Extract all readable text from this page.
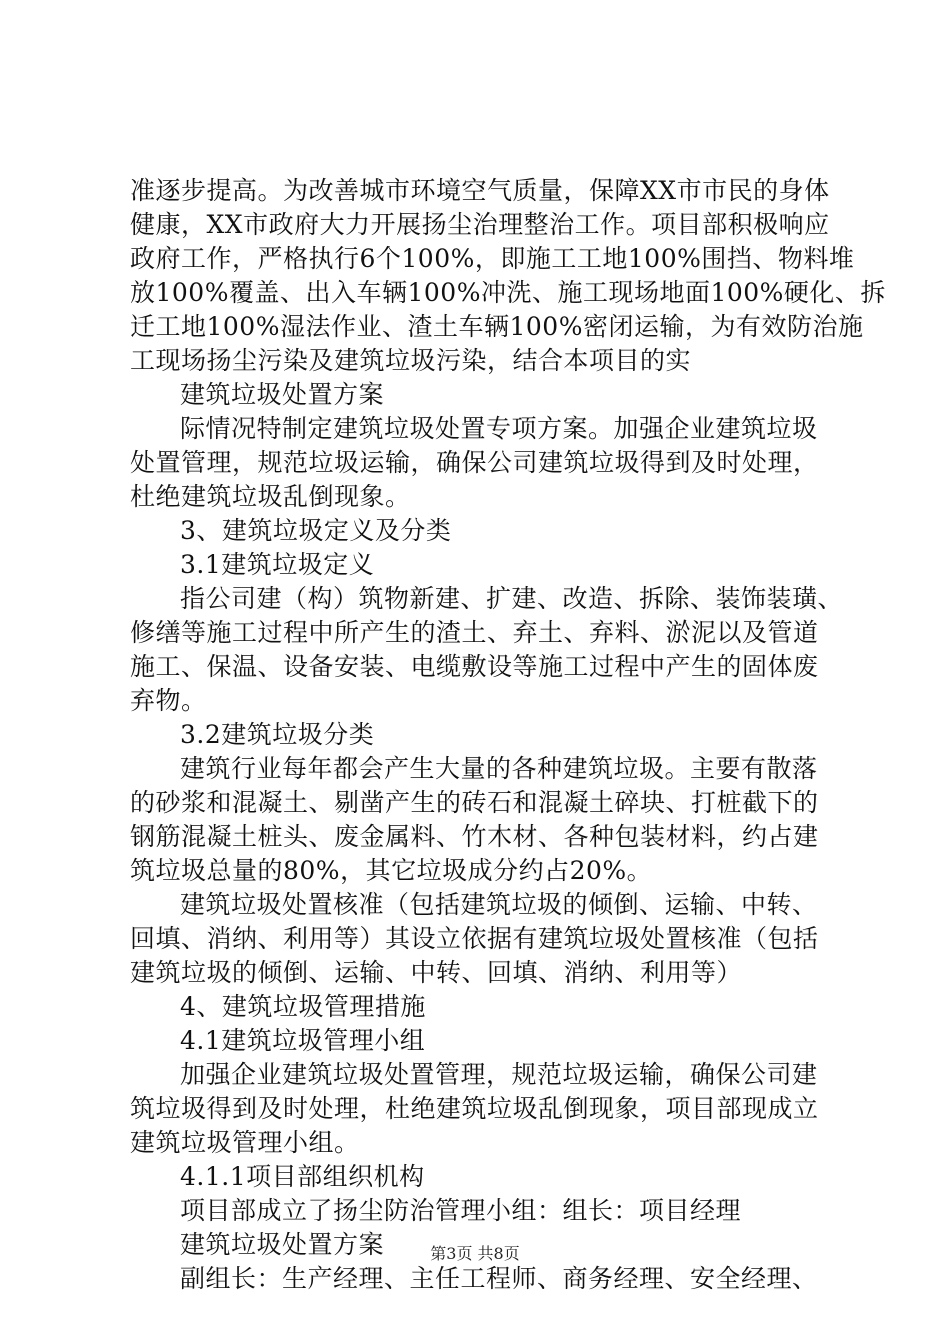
准逐步提高。为改善城市环境空气质量，保障XX市市民的身体
健康，XX市政府大力开展扬尘治理整治工作。项目部积极响应
政府工作，严格执行6个100%，即施工工地100%围挡、物料堆
放100%覆盖、出入车辆100%冲洗、施工现场地面100%硬化、拆
迁工地100%湿法作业、渣土车辆100%密闭运输，为有效防治施
工现场扬尘污染及建筑垃圾污染，结合本项目的实
建筑垃圾处置方案
际情况特制定建筑垃圾处置专项方案。加强企业建筑垃圾
处置管理，规范垃圾运输，确保公司建筑垃圾得到及时处理，
杜绝建筑垃圾乱倒现象。
3、建筑垃圾定义及分类
3.1建筑垃圾定义
指公司建（构）筑物新建、扩建、改造、拆除、装饰装璜、
修缮等施工过程中所产生的渣土、弃土、弃料、淤泥以及管道
施工、保温、设备安装、电缆敷设等施工过程中产生的固体废
弃物。
3.2建筑垃圾分类
建筑行业每年都会产生大量的各种建筑垃圾。主要有散落
的砂浆和混凝土、剔凿产生的砖石和混凝土碎块、打桩截下的
钢筋混凝土桩头、废金属料、竹木材、各种包装材料，约占建
筑垃圾总量的80%，其它垃圾成分约占20%。
建筑垃圾处置核准（包括建筑垃圾的倾倒、运输、中转、
回填、消纳、利用等）其设立依据有建筑垃圾处置核准（包括
建筑垃圾的倾倒、运输、中转、回填、消纳、利用等）
4、建筑垃圾管理措施
4.1建筑垃圾管理小组
加强企业建筑垃圾处置管理，规范垃圾运输，确保公司建
筑垃圾得到及时处理，杜绝建筑垃圾乱倒现象，项目部现成立
建筑垃圾管理小组。
4.1.1项目部组织机构
项目部成立了扬尘防治管理小组：组长：项目经理
建筑垃圾处置方案
副组长：生产经理、主任工程师、商务经理、安全经理、
第3页 共8页
